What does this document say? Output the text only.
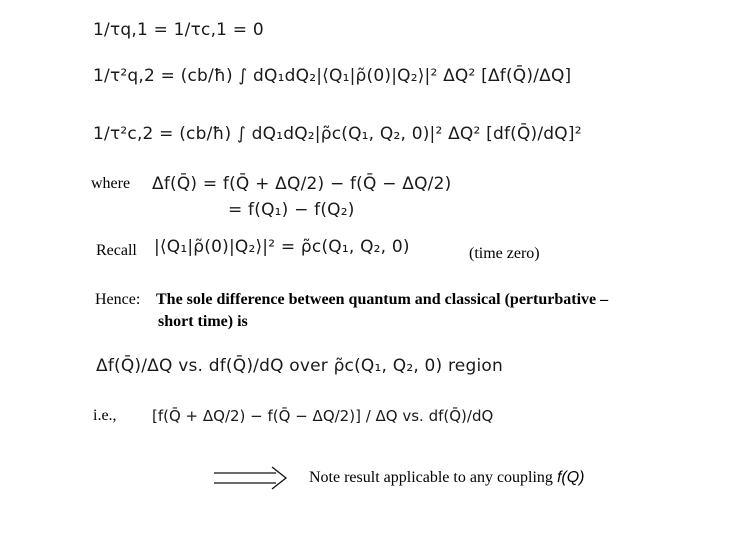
1/τq,1 = 1/τc,1 = 0
1/τ²q,2 = (cb/ħ) ∫ dQ₁dQ₂|⟨Q₁|ρ̃(0)|Q₂⟩|² ΔQ² [Δf(Q̄)/ΔQ]
1/τ²c,2 = (cb/ħ) ∫ dQ₁dQ₂|ρ̃c(Q₁, Q₂, 0)|² ΔQ² [df(Q̄)/dQ]²
where Δf(Q̄) = f(Q̄ + ΔQ/2) − f(Q̄ − ΔQ/2)
= f(Q₁) − f(Q₂)
Recall |⟨Q₁|ρ̃(0)|Q₂⟩|² = ρ̃c(Q₁, Q₂, 0)	(time zero)
Hence: The sole difference between quantum and classical (perturbative –
short time) is
Δf(Q̄)/ΔQ vs. df(Q̄)/dQ over ρ̃c(Q₁, Q₂, 0) region
i.e., [f(Q̄ + ΔQ/2) − f(Q̄ − ΔQ/2)] / ΔQ vs. df(Q̄)/dQ
Note result applicable to any coupling f(Q)
